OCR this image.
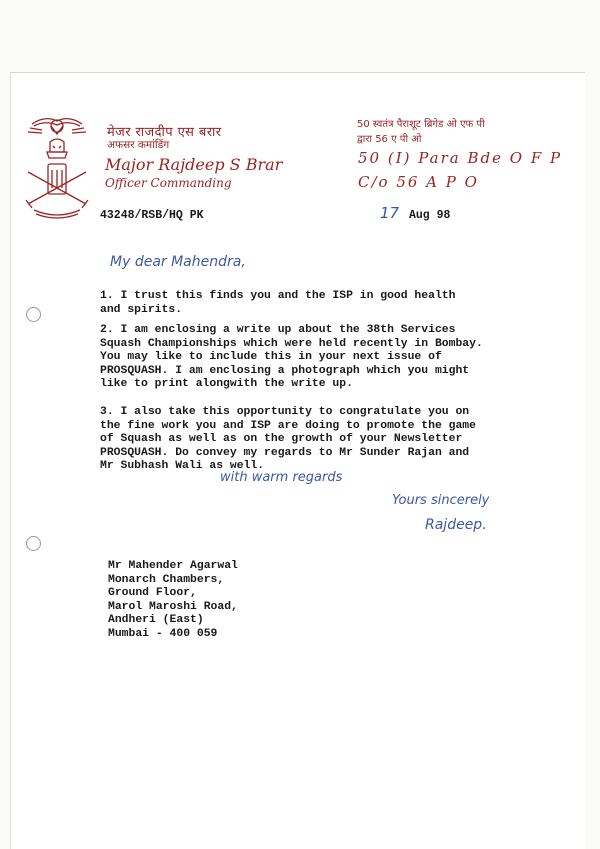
मेजर राजदीप एस बरार
अफसर कमांडिंग
Major Rajdeep S Brar
Officer Commanding
50 स्वतंत्र पैराशूट ब्रिगेड ओ एफ पी
द्वारा 56 ए पी ओ
50 (I) Para Bde O F P
C/o 56 A P O
43248/RSB/HQ PK	17 Aug 98
My dear Mahendra,

1. I trust this finds you and the ISP in good health
and spirits.

2. I am enclosing a write up about the 38th Services
Squash Championships which were held recently in Bombay.
You may like to include this in your next issue of
PROSQUASH. I am enclosing a photograph which you might
like to print alongwith the write up.

3. I also take this opportunity to congratulate you on
the fine work you and ISP are doing to promote the game
of Squash as well as on the growth of your Newsletter
PROSQUASH. Do convey my regards to Mr Sunder Rajan and
Mr Subhash Wali as well.

with warm regards
Yours sincerely
Rajdeep.
Mr Mahender Agarwal
Monarch Chambers,
Ground Floor,
Marol Maroshi Road,
Andheri (East)
Mumbai - 400 059
